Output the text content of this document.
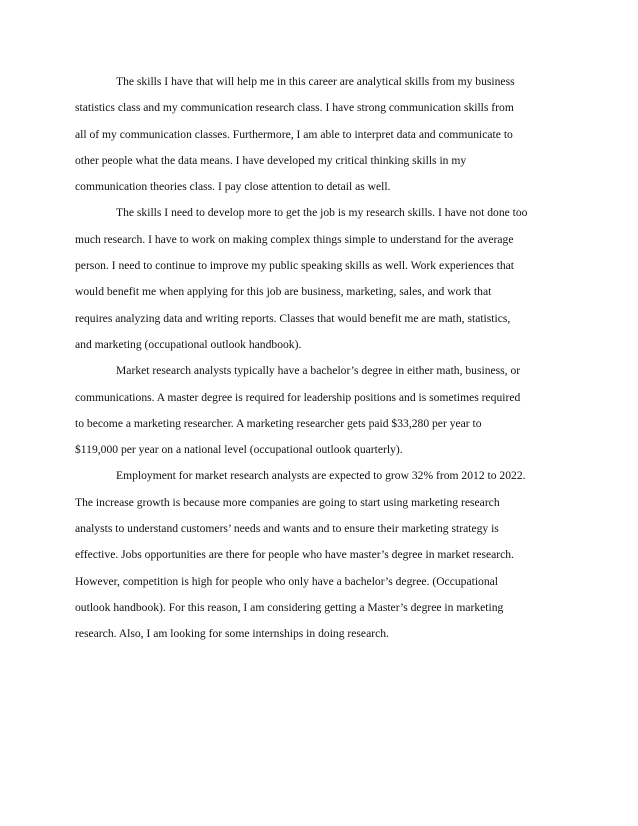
The skills I have that will help me in this career are analytical skills from my business
statistics class and my communication research class. I have strong communication skills from
all of my communication classes. Furthermore, I am able to interpret data and communicate to
other people what the data means. I have developed my critical thinking skills in my
communication theories class. I pay close attention to detail as well.
The skills I need to develop more to get the job is my research skills. I have not done too
much research. I have to work on making complex things simple to understand for the average
person. I need to continue to improve my public speaking skills as well. Work experiences that
would benefit me when applying for this job are business, marketing, sales, and work that
requires analyzing data and writing reports. Classes that would benefit me are math, statistics,
and marketing (occupational outlook handbook).
Market research analysts typically have a bachelor’s degree in either math, business, or
communications. A master degree is required for leadership positions and is sometimes required
to become a marketing researcher. A marketing researcher gets paid $33,280 per year to
$119,000 per year on a national level (occupational outlook quarterly).
Employment for market research analysts are expected to grow 32% from 2012 to 2022.
The increase growth is because more companies are going to start using marketing research
analysts to understand customers’ needs and wants and to ensure their marketing strategy is
effective. Jobs opportunities are there for people who have master’s degree in market research.
However, competition is high for people who only have a bachelor’s degree. (Occupational
outlook handbook). For this reason, I am considering getting a Master’s degree in marketing
research. Also, I am looking for some internships in doing research.
